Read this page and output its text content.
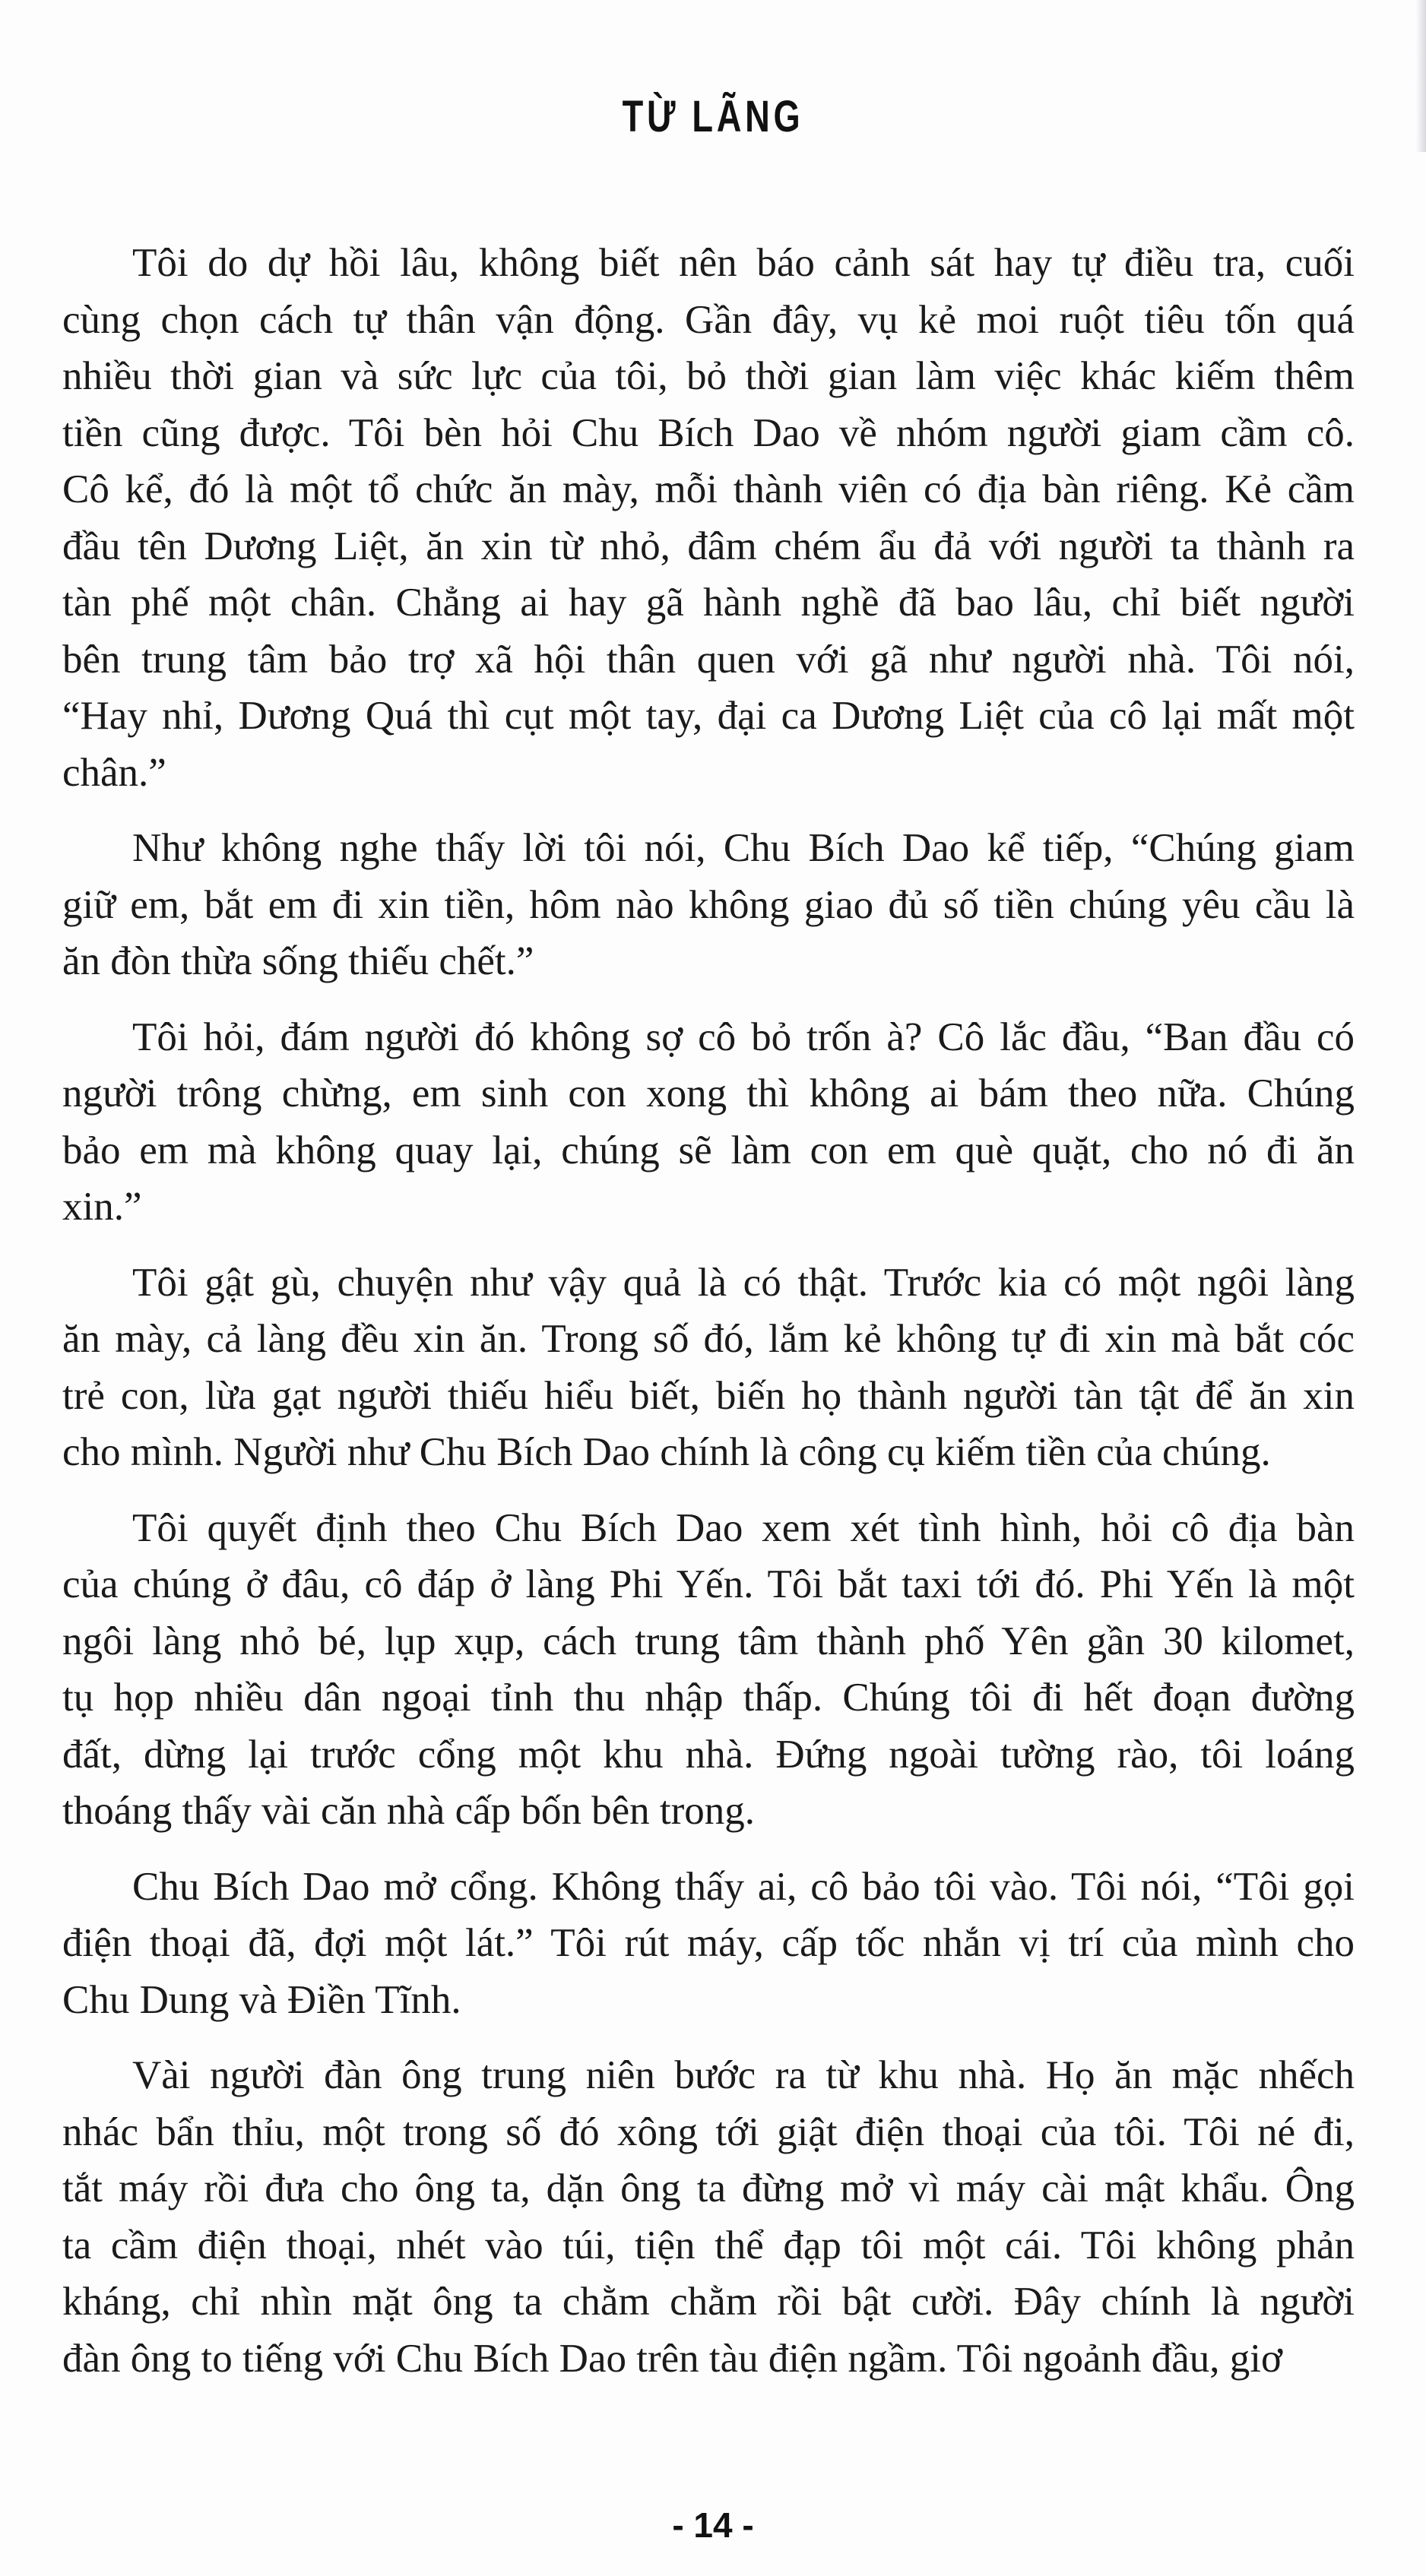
TỪ LÃNG
Tôi do dự hồi lâu, không biết nên báo cảnh sát hay tự điều tra, cuối
cùng chọn cách tự thân vận động. Gần đây, vụ kẻ moi ruột tiêu tốn quá
nhiều thời gian và sức lực của tôi, bỏ thời gian làm việc khác kiếm thêm
tiền cũng được. Tôi bèn hỏi Chu Bích Dao về nhóm người giam cầm cô.
Cô kể, đó là một tổ chức ăn mày, mỗi thành viên có địa bàn riêng. Kẻ cầm
đầu tên Dương Liệt, ăn xin từ nhỏ, đâm chém ẩu đả với người ta thành ra
tàn phế một chân. Chẳng ai hay gã hành nghề đã bao lâu, chỉ biết người
bên trung tâm bảo trợ xã hội thân quen với gã như người nhà. Tôi nói,
“Hay nhỉ, Dương Quá thì cụt một tay, đại ca Dương Liệt của cô lại mất một
chân.”
Như không nghe thấy lời tôi nói, Chu Bích Dao kể tiếp, “Chúng giam
giữ em, bắt em đi xin tiền, hôm nào không giao đủ số tiền chúng yêu cầu là
ăn đòn thừa sống thiếu chết.”
Tôi hỏi, đám người đó không sợ cô bỏ trốn à? Cô lắc đầu, “Ban đầu có
người trông chừng, em sinh con xong thì không ai bám theo nữa. Chúng
bảo em mà không quay lại, chúng sẽ làm con em què quặt, cho nó đi ăn
xin.”
Tôi gật gù, chuyện như vậy quả là có thật. Trước kia có một ngôi làng
ăn mày, cả làng đều xin ăn. Trong số đó, lắm kẻ không tự đi xin mà bắt cóc
trẻ con, lừa gạt người thiếu hiểu biết, biến họ thành người tàn tật để ăn xin
cho mình. Người như Chu Bích Dao chính là công cụ kiếm tiền của chúng.
Tôi quyết định theo Chu Bích Dao xem xét tình hình, hỏi cô địa bàn
của chúng ở đâu, cô đáp ở làng Phi Yến. Tôi bắt taxi tới đó. Phi Yến là một
ngôi làng nhỏ bé, lụp xụp, cách trung tâm thành phố Yên gần 30 kilomet,
tụ họp nhiều dân ngoại tỉnh thu nhập thấp. Chúng tôi đi hết đoạn đường
đất, dừng lại trước cổng một khu nhà. Đứng ngoài tường rào, tôi loáng
thoáng thấy vài căn nhà cấp bốn bên trong.
Chu Bích Dao mở cổng. Không thấy ai, cô bảo tôi vào. Tôi nói, “Tôi gọi
điện thoại đã, đợi một lát.” Tôi rút máy, cấp tốc nhắn vị trí của mình cho
Chu Dung và Điền Tĩnh.
Vài người đàn ông trung niên bước ra từ khu nhà. Họ ăn mặc nhếch
nhác bẩn thỉu, một trong số đó xông tới giật điện thoại của tôi. Tôi né đi,
tắt máy rồi đưa cho ông ta, dặn ông ta đừng mở vì máy cài mật khẩu. Ông
ta cầm điện thoại, nhét vào túi, tiện thể đạp tôi một cái. Tôi không phản
kháng, chỉ nhìn mặt ông ta chằm chằm rồi bật cười. Đây chính là người
đàn ông to tiếng với Chu Bích Dao trên tàu điện ngầm. Tôi ngoảnh đầu, giơ
- 14 -
